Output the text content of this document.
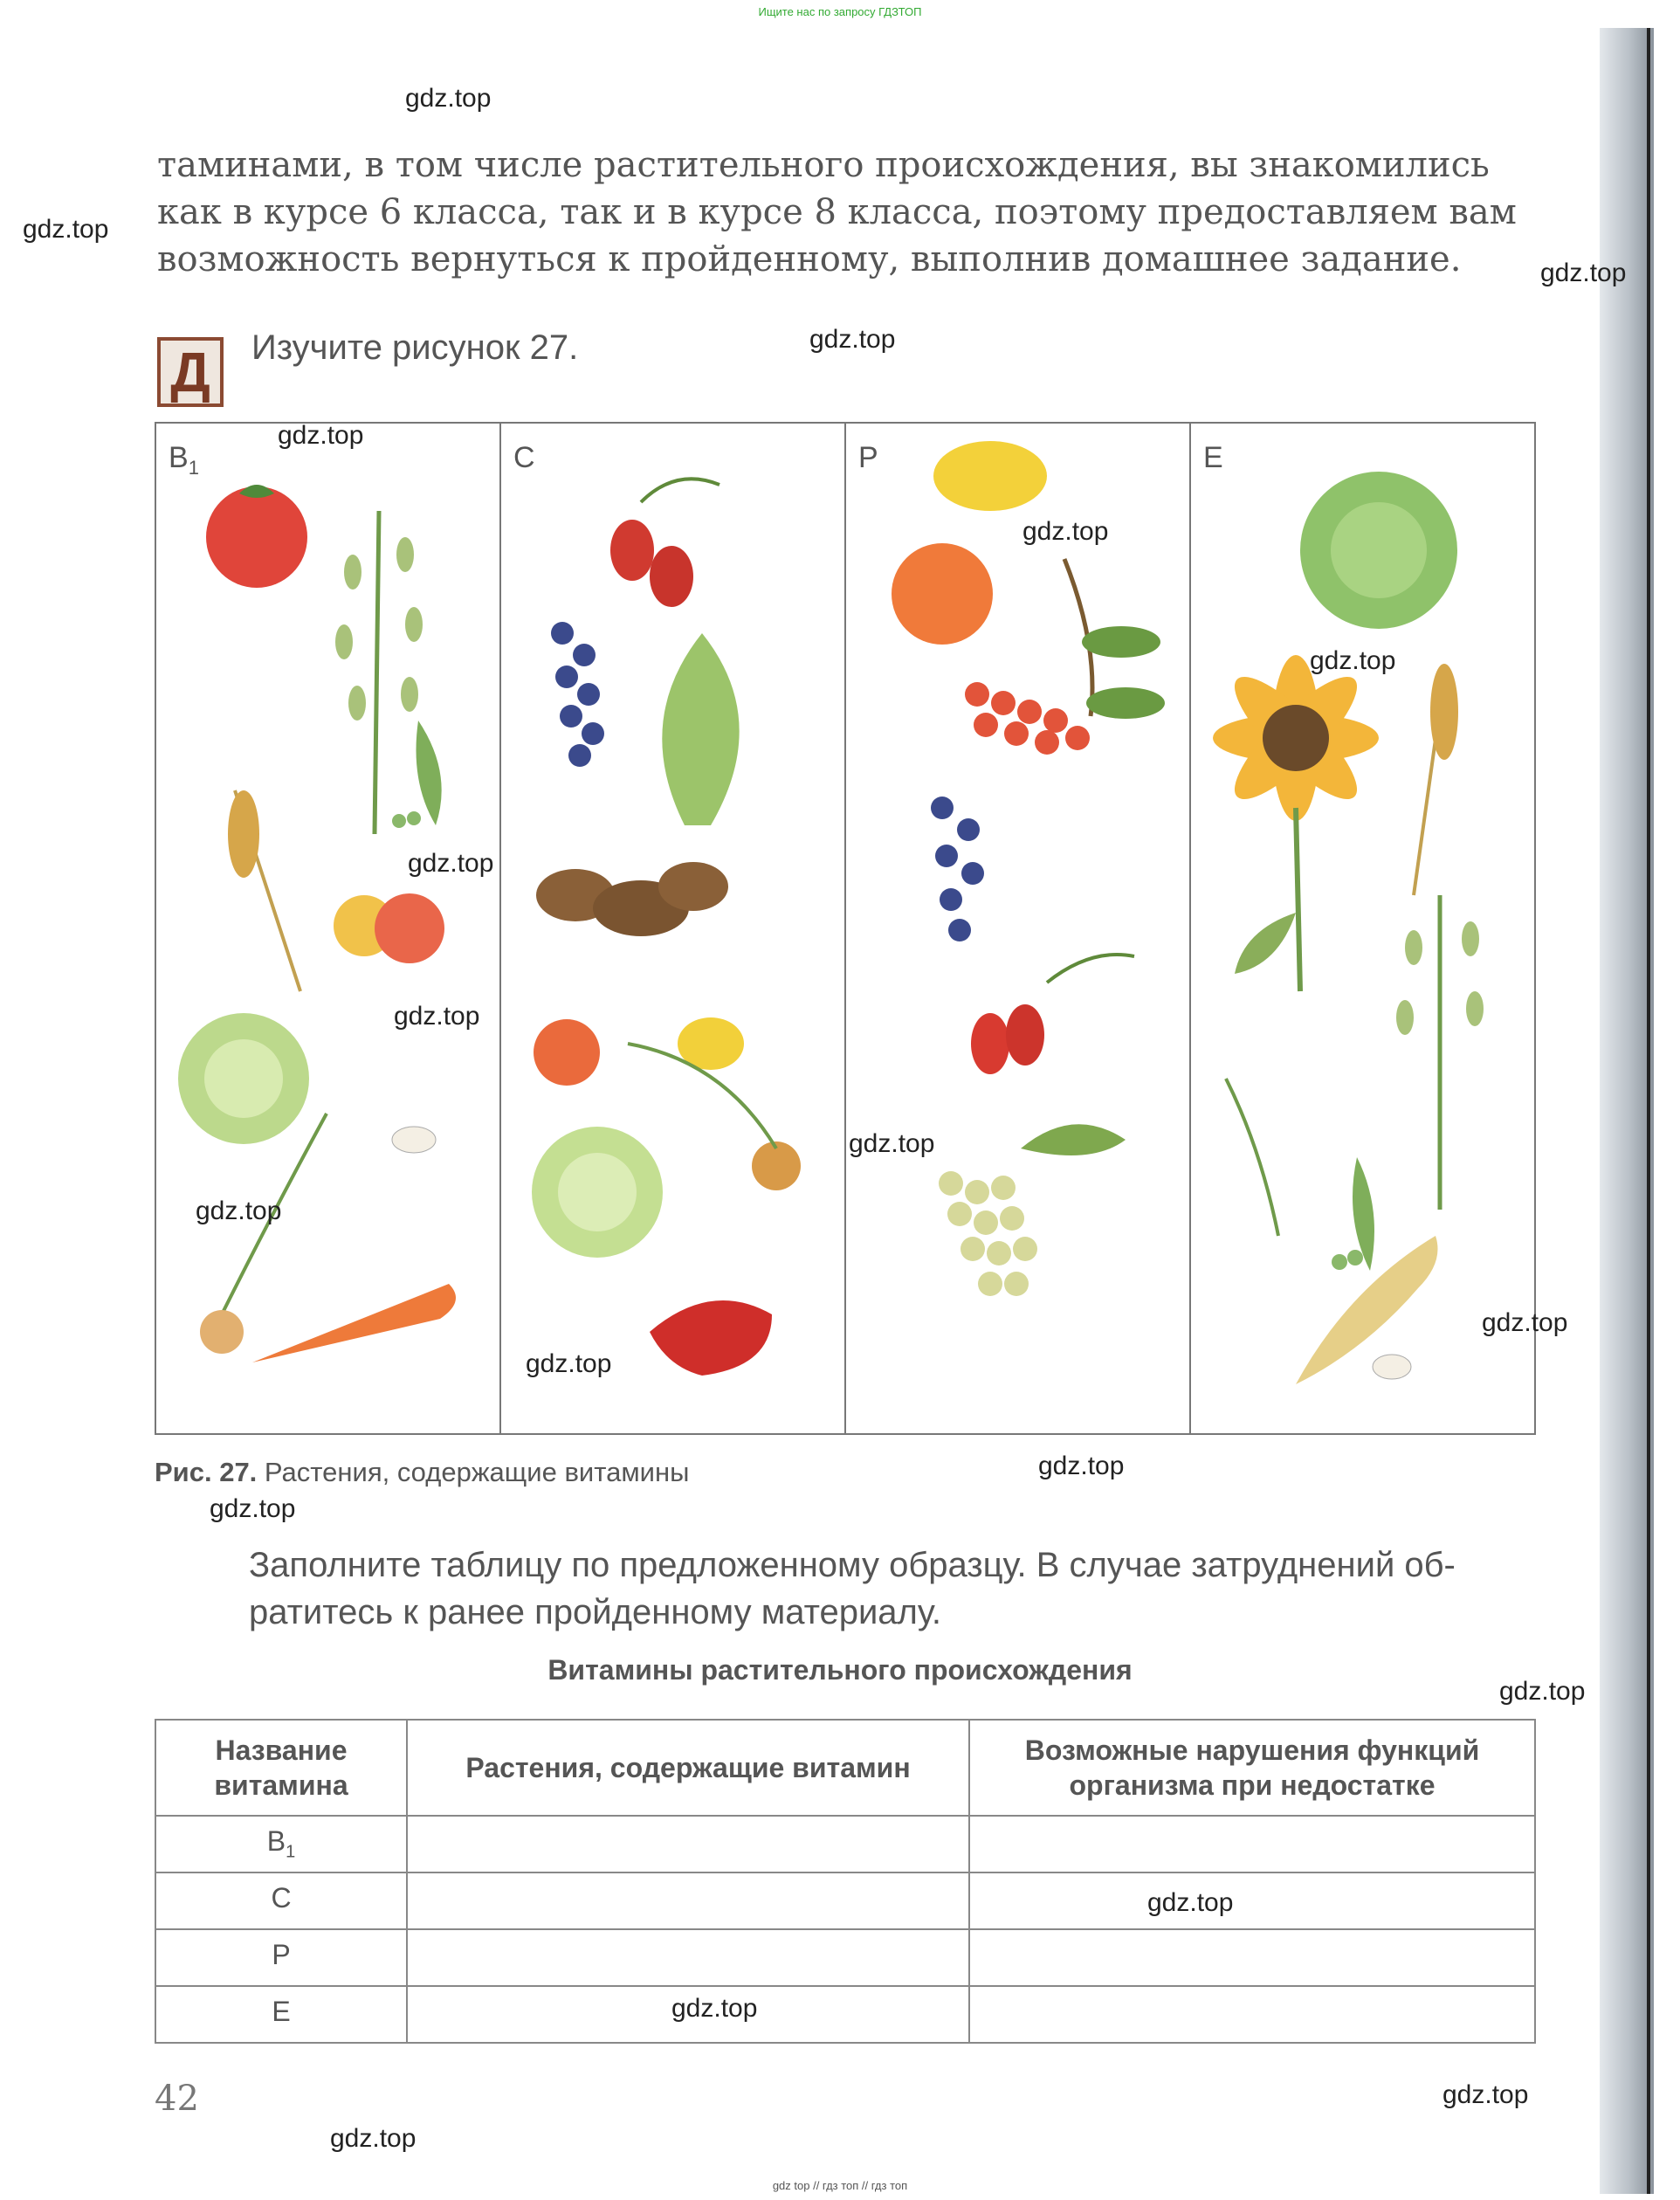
Ищите нас по запросу ГДЗТОП

таминами, в том числе растительного происхождения, вы знакомились

как в курсе 6 класса, так и в курсе 8 класса, поэтому предоставляем вам

возможность вернуться к пройденному, выполнив домашнее задание.

Д Изучите рисунок 27.
$B_1$	C	P	E
Рис. 27. Растения, содержащие витамины

Заполните таблицу по предложенному образцу. В случае затруднений об-

ратитесь к ранее пройденному материалу.

Витамины растительного происхождения
Название
витамина	Растения, содержащие витамин	Возможные нарушения функций
организма при недостатке
$B_1$		
C		
P		
E		
42
gdz.top
gdz.top
gdz.top
gdz.top
gdz.top
gdz.top
gdz.top
gdz.top
gdz.top
gdz.top
gdz.top
gdz.top
gdz.top
gdz.top
gdz.top
gdz.top
gdz.top
gdz.top
gdz.top
gdz.top
gdz top // гдз топ // гдз топ
